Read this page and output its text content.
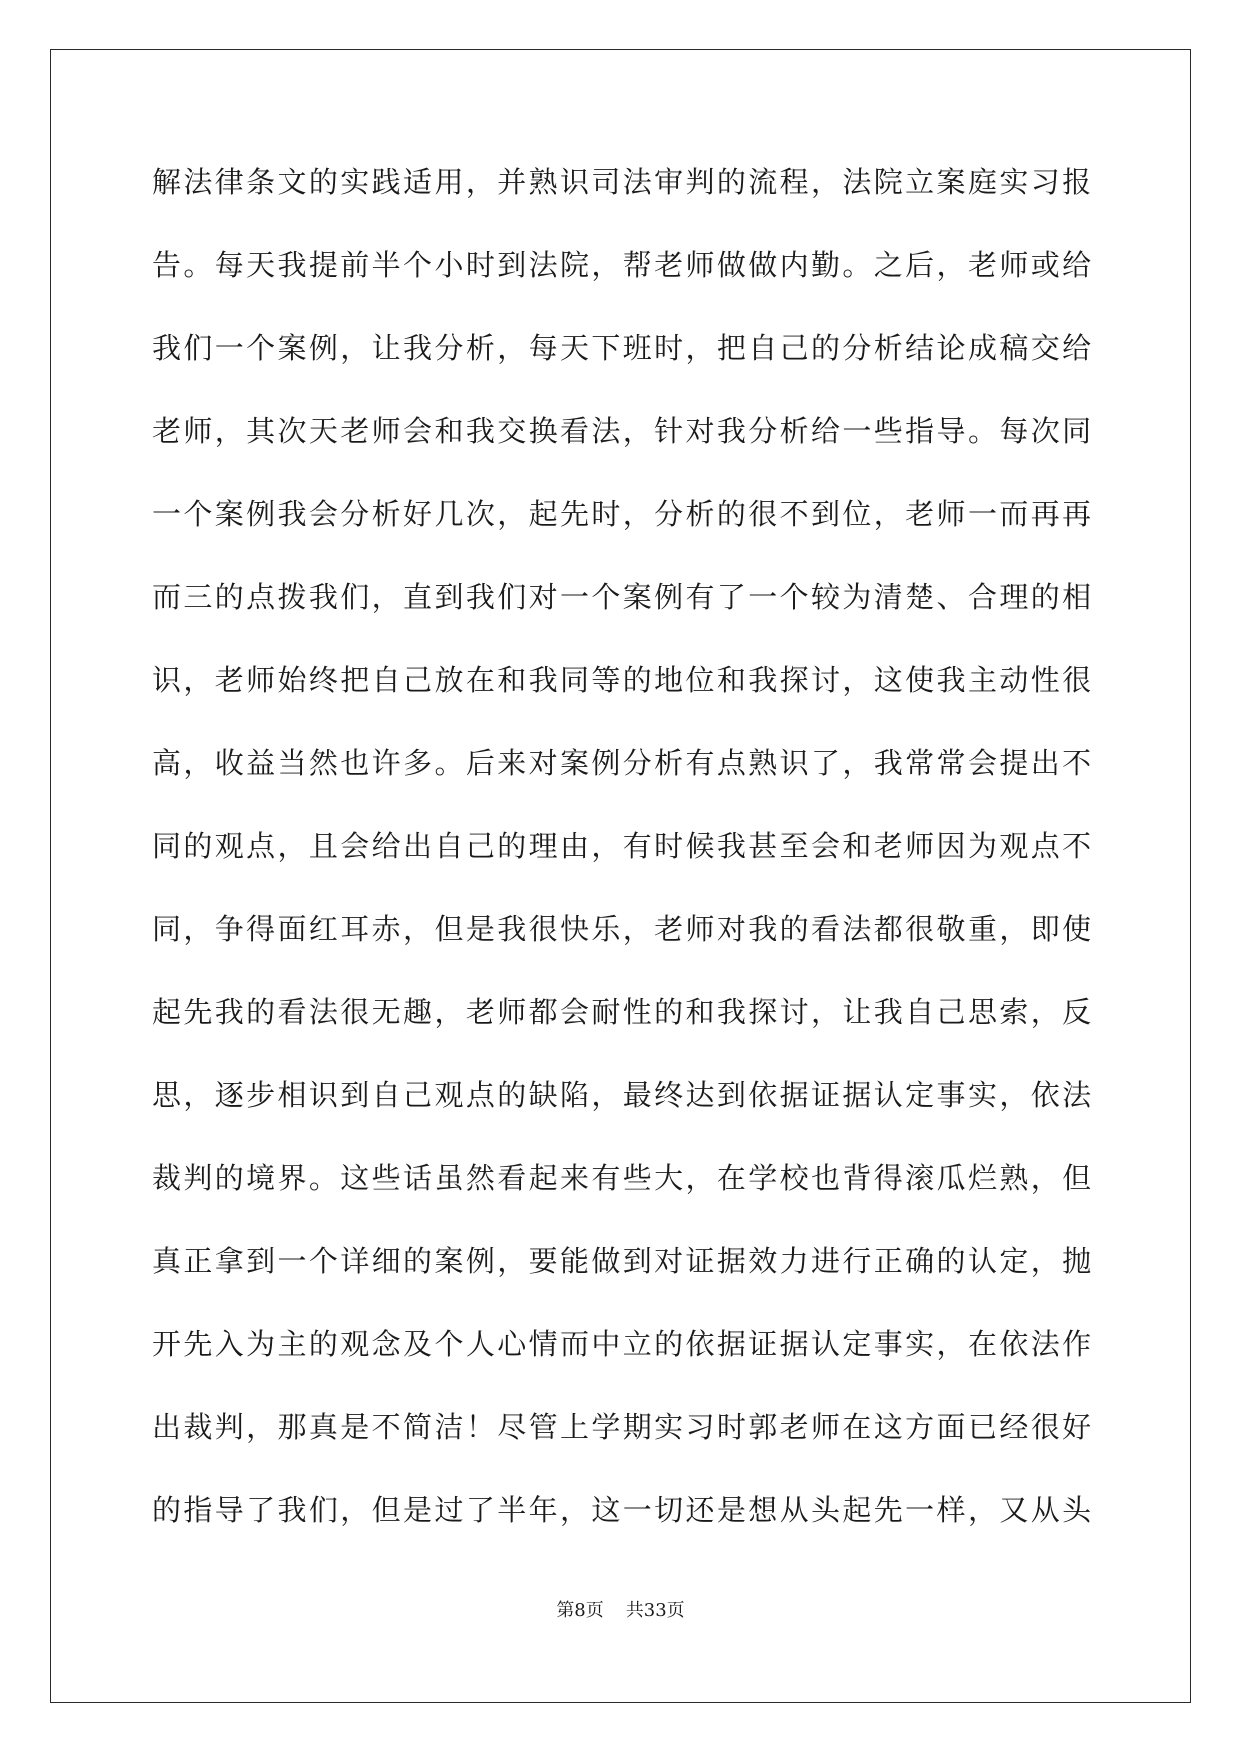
解法律条文的实践适用，并熟识司法审判的流程，法院立案庭实习报
告。每天我提前半个小时到法院，帮老师做做内勤。之后，老师或给
我们一个案例，让我分析，每天下班时，把自己的分析结论成稿交给
老师，其次天老师会和我交换看法，针对我分析给一些指导。每次同
一个案例我会分析好几次，起先时，分析的很不到位，老师一而再再
而三的点拨我们，直到我们对一个案例有了一个较为清楚、合理的相
识，老师始终把自己放在和我同等的地位和我探讨，这使我主动性很
高，收益当然也许多。后来对案例分析有点熟识了，我常常会提出不
同的观点，且会给出自己的理由，有时候我甚至会和老师因为观点不
同，争得面红耳赤，但是我很快乐，老师对我的看法都很敬重，即使
起先我的看法很无趣，老师都会耐性的和我探讨，让我自己思索，反
思，逐步相识到自己观点的缺陷，最终达到依据证据认定事实，依法
裁判的境界。这些话虽然看起来有些大，在学校也背得滚瓜烂熟，但
真正拿到一个详细的案例，要能做到对证据效力进行正确的认定，抛
开先入为主的观念及个人心情而中立的依据证据认定事实，在依法作
出裁判，那真是不简洁！尽管上学期实习时郭老师在这方面已经很好
的指导了我们，但是过了半年，这一切还是想从头起先一样，又从头
第8页 共33页
